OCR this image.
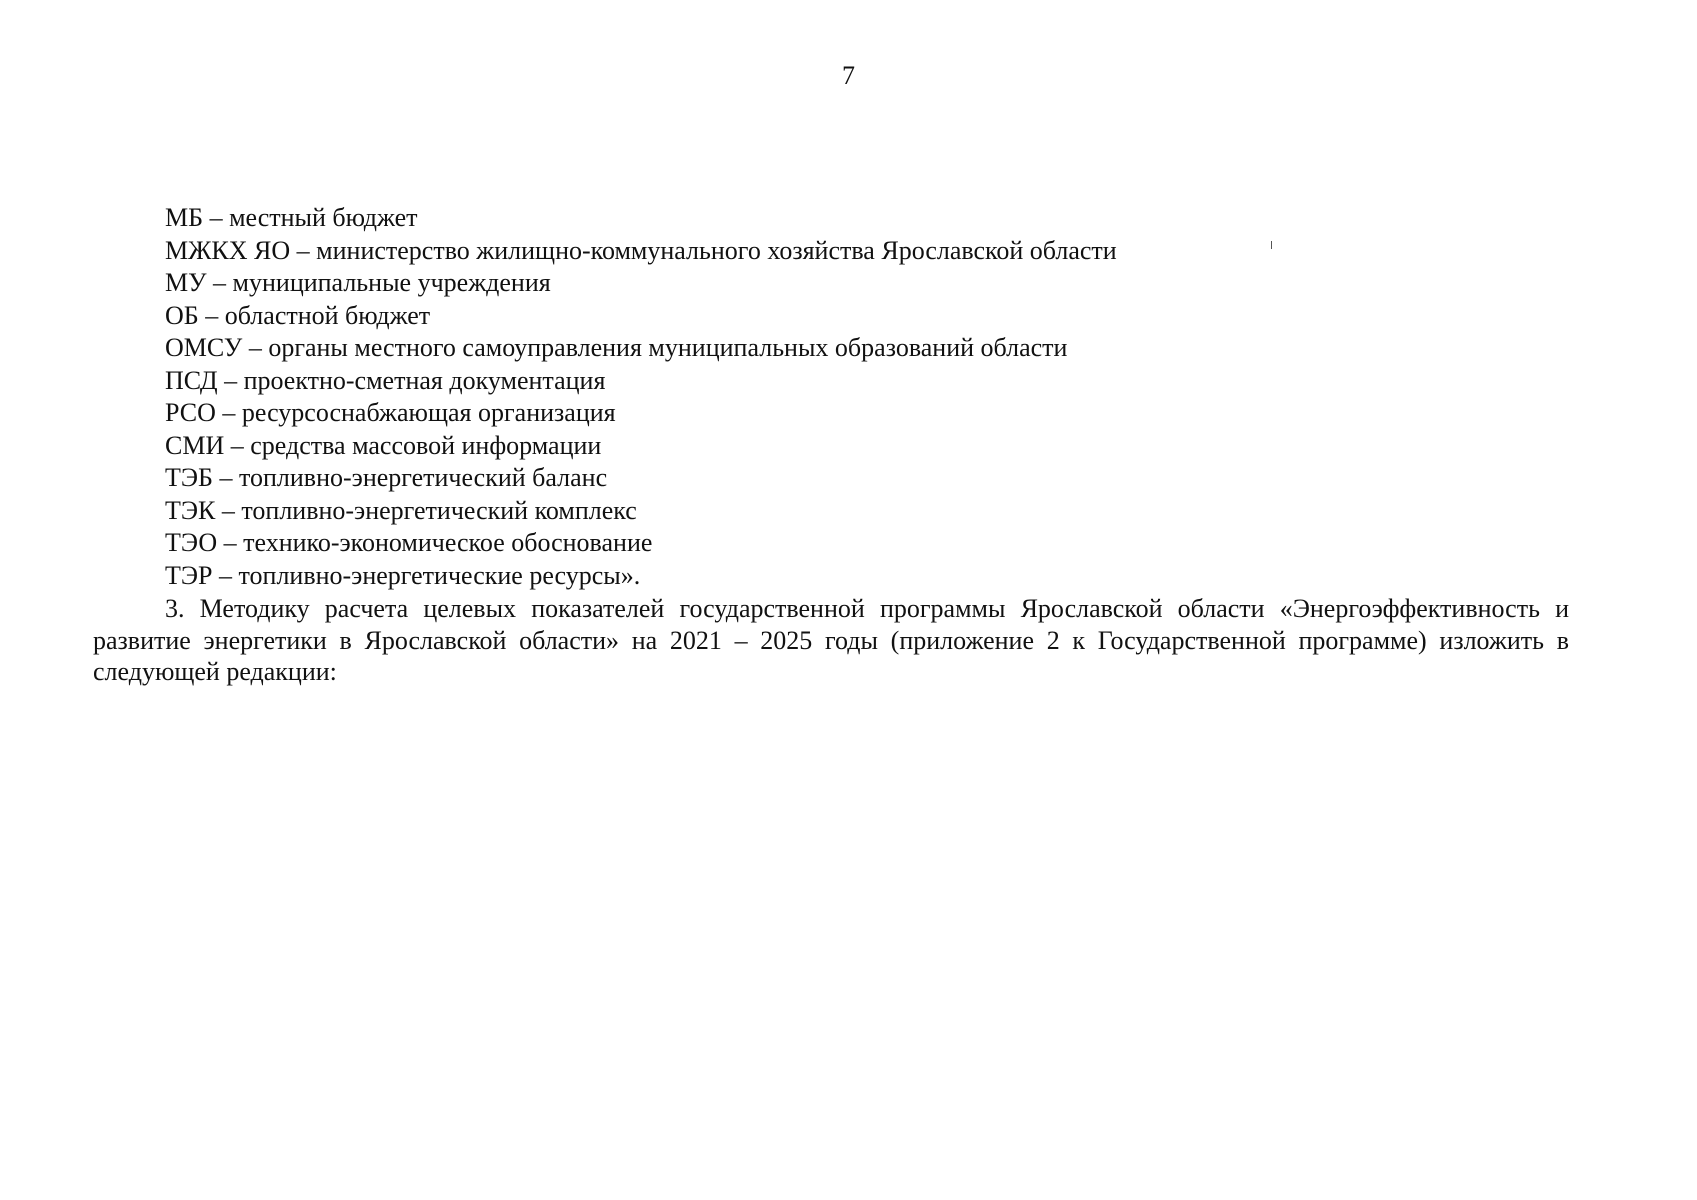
7
МБ – местный бюджет
МЖКХ ЯО – министерство жилищно-коммунального хозяйства Ярославской области
МУ – муниципальные учреждения
ОБ – областной бюджет
ОМСУ – органы местного самоуправления муниципальных образований области
ПСД – проектно-сметная документация
РСО – ресурсоснабжающая организация
СМИ – средства массовой информации
ТЭБ – топливно-энергетический баланс
ТЭК – топливно-энергетический комплекс
ТЭО – технико-экономическое обоснование
ТЭР – топливно-энергетические ресурсы».

3. Методику расчета целевых показателей государственной программы Ярославской области «Энергоэффективность и развитие энергетики в Ярославской области» на 2021 – 2025 годы (приложение 2 к Государственной программе) изложить в следующей редакции:
